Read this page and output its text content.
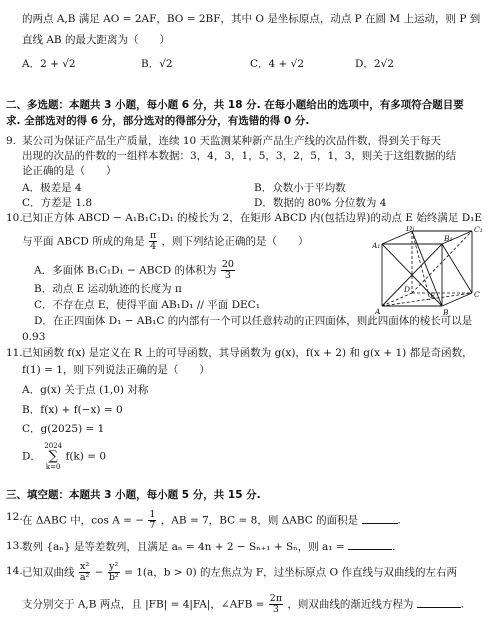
的两点 A,B 满足 AO = 2AF，BO = 2BF，其中 O 是坐标原点，动点 P 在圆 M 上运动，则 P 到
直线 AB 的最大距离为（　　）
A．2 + √2	B．√2	C．4 + √2	D．2√2
二、多选题：本题共 3 小题，每小题 6 分，共 18 分. 在每小题给出的选项中，有多项符合题目要
求. 全部选对的得 6 分，部分选对的得部分分，有选错的得 0 分.
9. 某公司为保证产品生产质量，连续 10 天监测某种新产品生产线的次品件数，得到关于每天
出现的次品的件数的一组样本数据：3，4，3，1，5，3，2，5，1，3，则关于这组数据的结
论正确的是（　　）
A．极差是 4	B．众数小于平均数
C．方差是 1.8	D．数据的 80% 分位数为 4
10. 已知正方体 ABCD − A₁B₁C₁D₁ 的棱长为 2，在矩形 ABCD 内(包括边界)的动点 E 始终满足 D₁E
与平面 ABCD 所成的角是 $\frac{\pi}{4}$ ，则下列结论正确的是（　　）
A．多面体 B₁C₁D₁ − ABCD 的体积为 $\frac{20}{3}$
B．动点 E 运动轨迹的长度为 π
C．不存在点 E，使得平面 AB₁D₁ // 平面 DEC₁
D．在正四面体 D₁ − AB₁C 的内部有一个可以任意转动的正四面体，则此四面体的棱长可以是
0.93
A₁
B₁
C₁
D₁
A	B
C
D
E
11. 已知函数 f(x) 是定义在 R 上的可导函数，其导函数为 g(x)，f(x + 2) 和 g(x + 1) 都是奇函数，
f(1) = 1，则下列说法正确的是（　　）
A．g(x) 关于点 (1,0) 对称
B．f(x) + f(−x) = 0
C．g(2025) = 1
D． 2024
∑
k=0 f(k) = 0
三、填空题：本题共 3 小题，每小题 5 分，共 15 分.
12. 在 ΔABC 中，cos A = − $\frac{1}{7}$ ，AB = 7，BC = 8，则 ΔABC 的面积是	.
13. 数列 {aₙ} 是等差数列，且满足 aₙ = 4n + 2 − Sₙ₊₁ + Sₙ，则 a₁ =	.
14. 已知双曲线 $\frac{\text{x²}}{\text{a²}} - \frac{\text{y²}}{\text{b²}} = 1(a$，b > 0) 的左焦点为 F，过坐标原点 O 作直线与双曲线的左右两
支分别交于 A,B 两点，且 |FB| = 4|FA|，∠AFB = $\frac{2\pi}{3}$ ，则双曲线的渐近线方程为	.
